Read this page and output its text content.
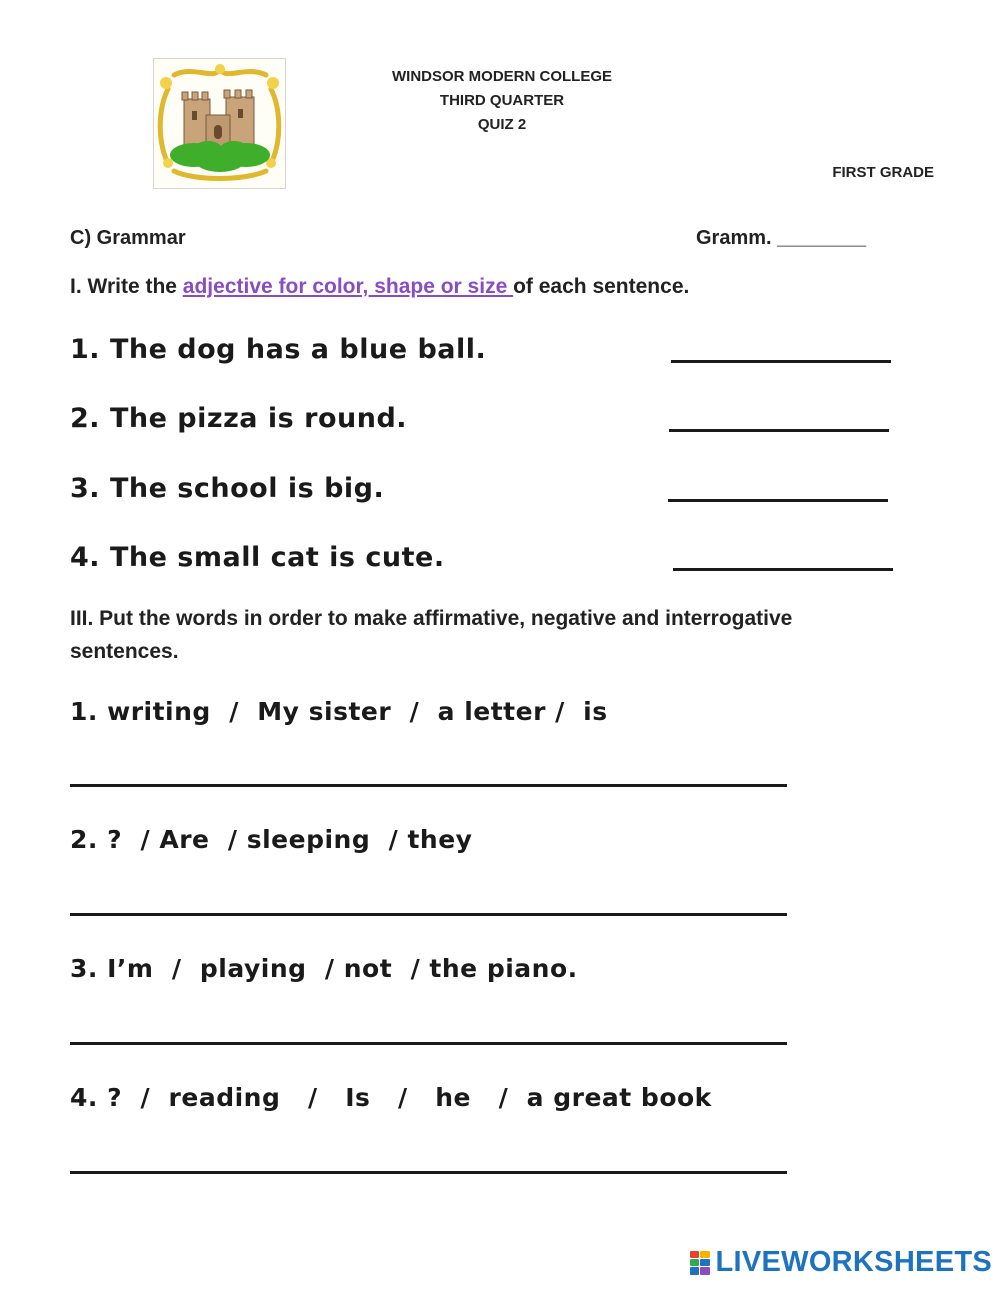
WINDSOR MODERN COLLEGE
THIRD QUARTER
QUIZ 2
FIRST GRADE
C) Grammar	Gramm. ________
I. Write the adjective for color, shape or size of each sentence.
1. The dog has a blue ball.
2. The pizza is round.
3. The school is big.
4. The small cat is cute.
III. Put the words in order to make affirmative, negative and interrogative sentences.
1. writing  /  My sister  /  a letter /  is
2. ?  / Are  / sleeping  / they
3. I’m  /  playing  / not  / the piano.
4. ?  /  reading   /   Is   /   he   /  a great book
LIVEWORKSHEETS
